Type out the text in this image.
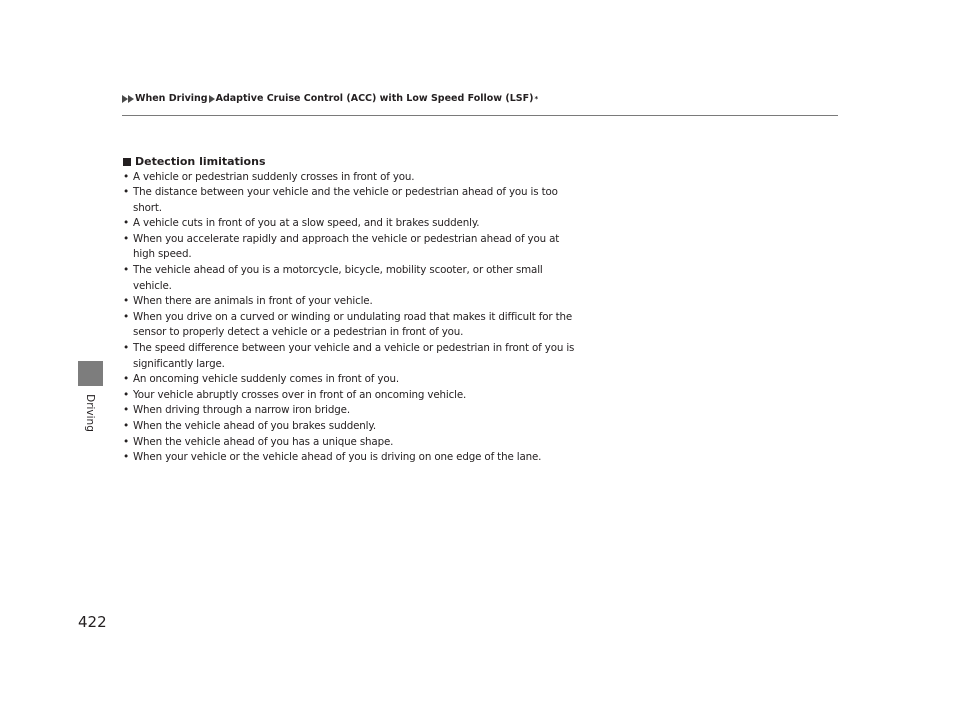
When Driving Adaptive Cruise Control (ACC) with Low Speed Follow (LSF) *
Driving
Detection limitations
• A vehicle or pedestrian suddenly crosses in front of you.
• The distance between your vehicle and the vehicle or pedestrian ahead of you is too short.
• A vehicle cuts in front of you at a slow speed, and it brakes suddenly.
• When you accelerate rapidly and approach the vehicle or pedestrian ahead of you at high speed.
• The vehicle ahead of you is a motorcycle, bicycle, mobility scooter, or other small vehicle.
• When there are animals in front of your vehicle.
• When you drive on a curved or winding or undulating road that makes it difficult for the sensor to properly detect a vehicle or a pedestrian in front of you.
• The speed difference between your vehicle and a vehicle or pedestrian in front of you is significantly large.
• An oncoming vehicle suddenly comes in front of you.
• Your vehicle abruptly crosses over in front of an oncoming vehicle.
• When driving through a narrow iron bridge.
• When the vehicle ahead of you brakes suddenly.
• When the vehicle ahead of you has a unique shape.
• When your vehicle or the vehicle ahead of you is driving on one edge of the lane.
422
